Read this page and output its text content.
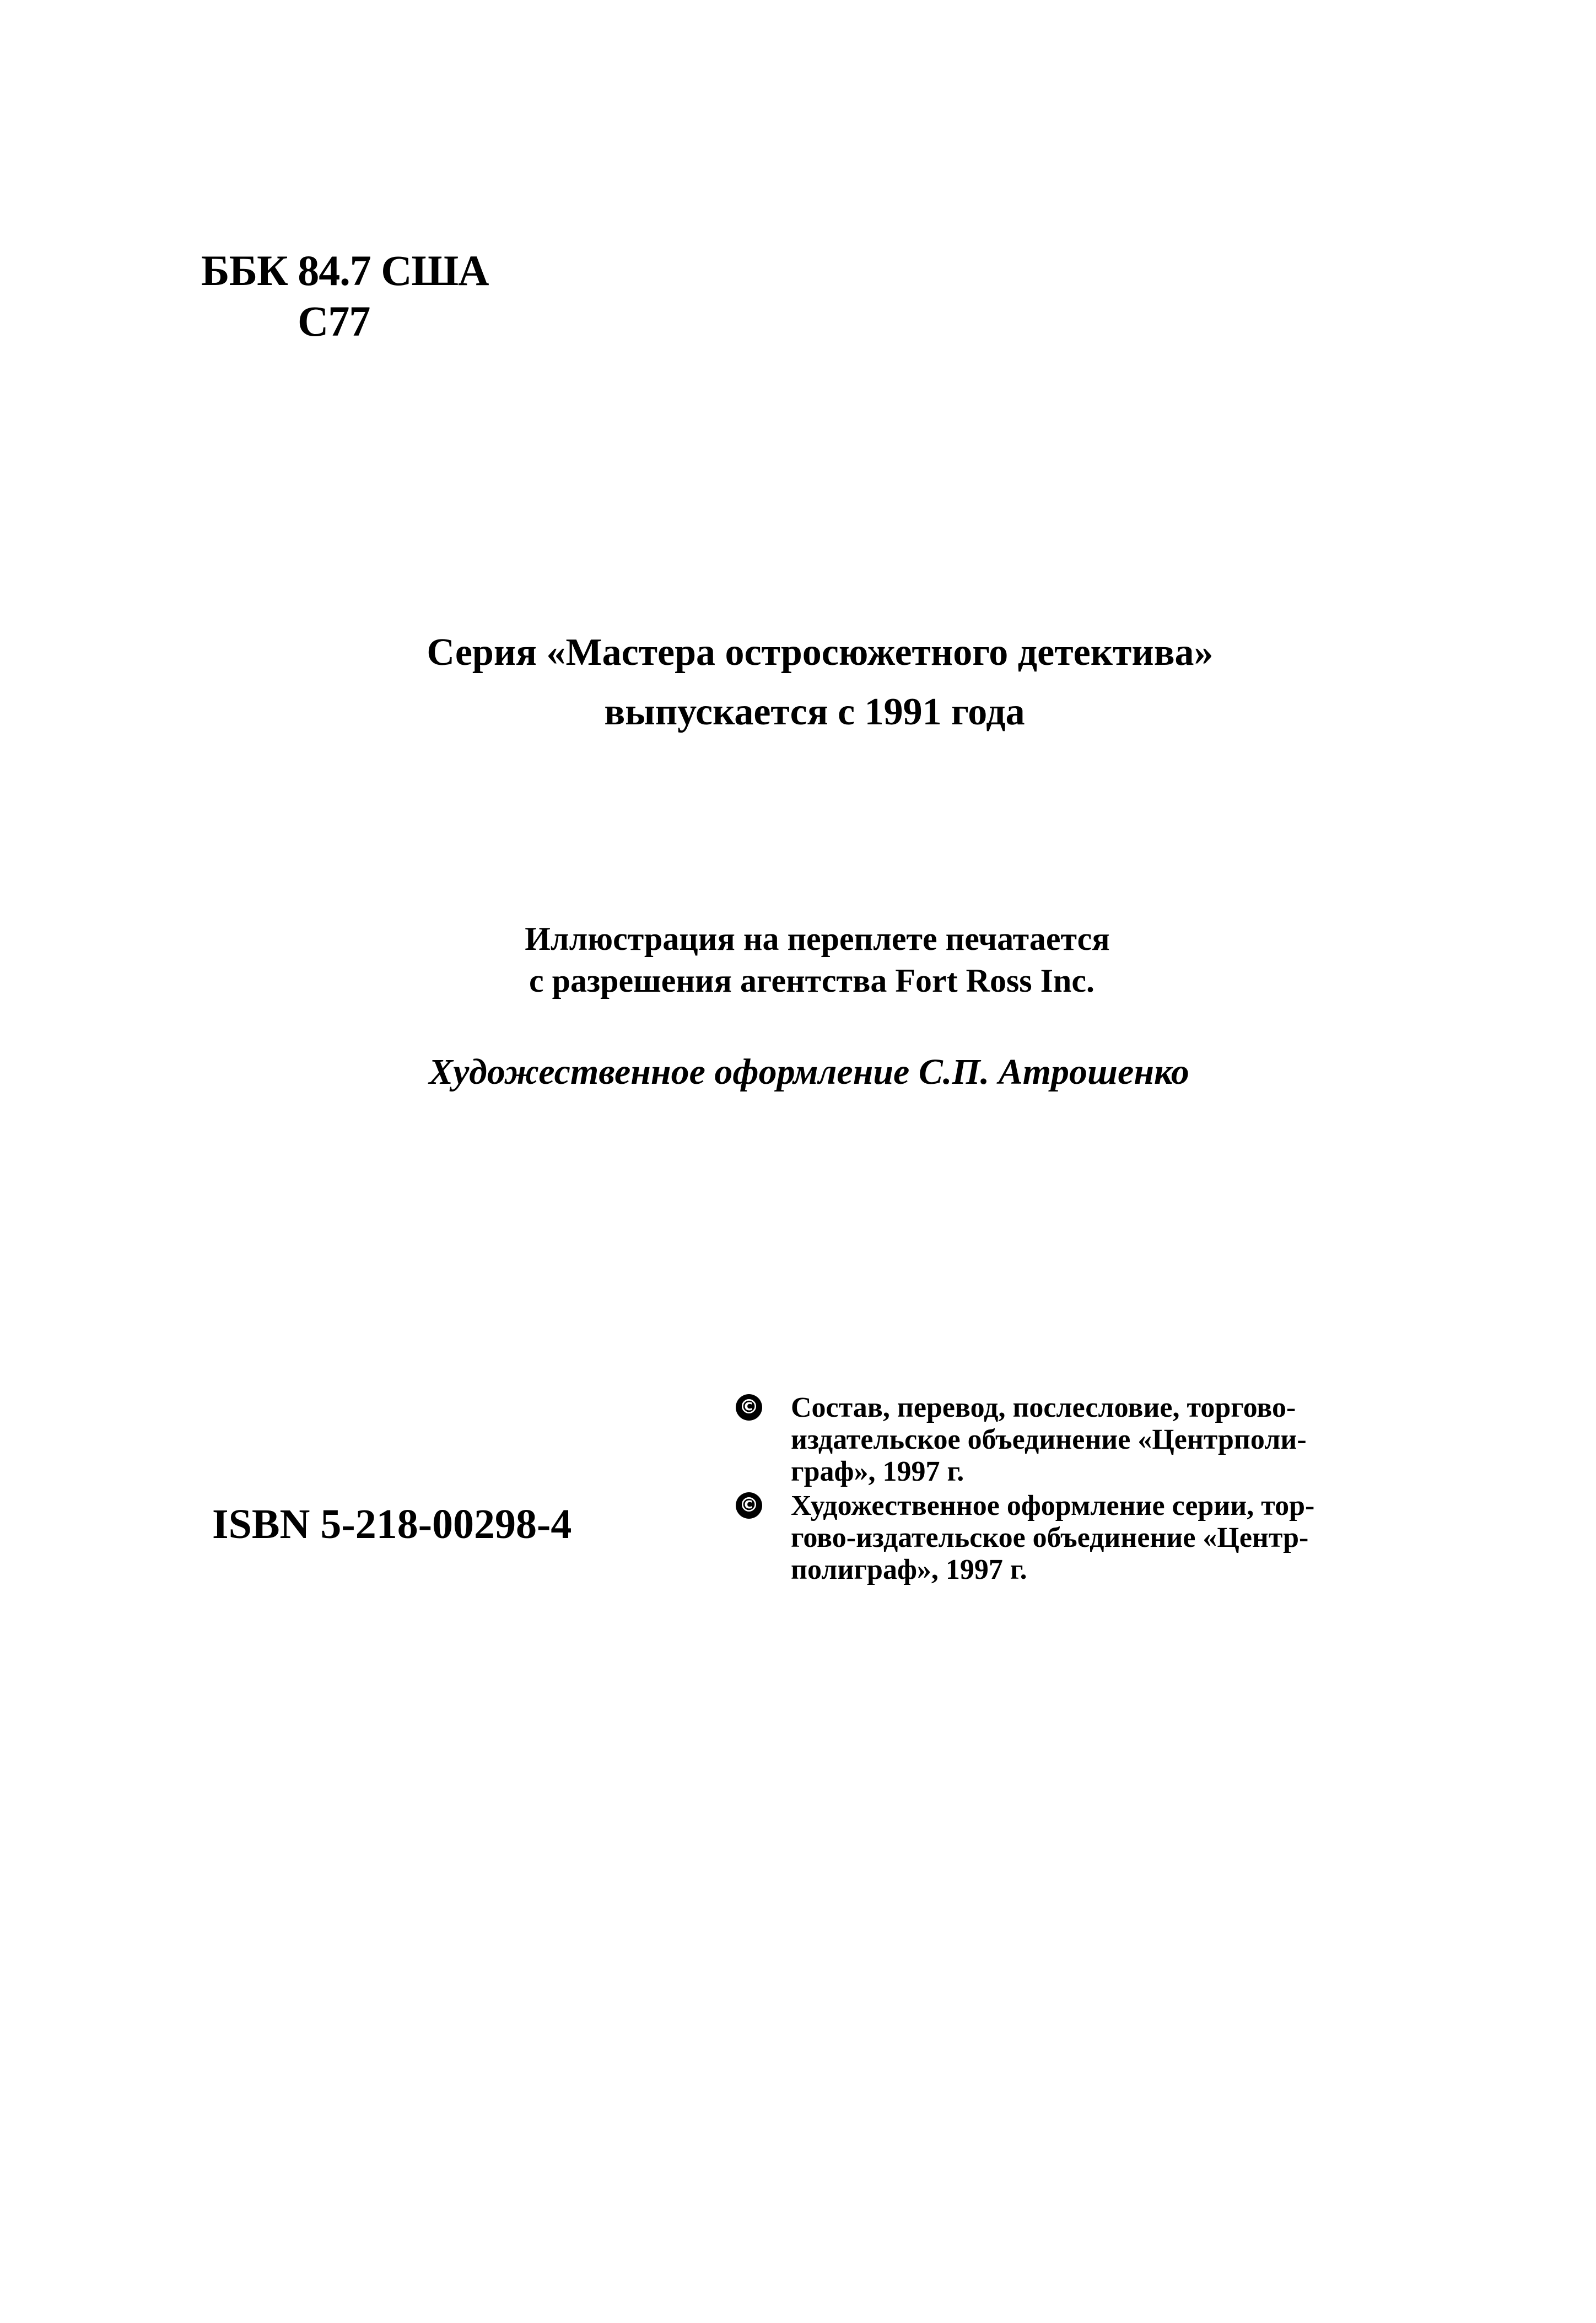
ББК 84.7 США
С77
Серия «Мастера остросюжетного детектива»
выпускается с 1991 года
Иллюстрация на переплете печатается
с разрешения агентства Fort Ross Inc.
Художественное оформление С.П. Атрошенко
ISBN 5-218-00298-4
© Состав, перевод, послесловие, торгово-
издательское объединение «Центрполи-
граф», 1997 г.
© Художественное оформление серии, тор-
гово-издательское объединение «Центр-
полиграф», 1997 г.
